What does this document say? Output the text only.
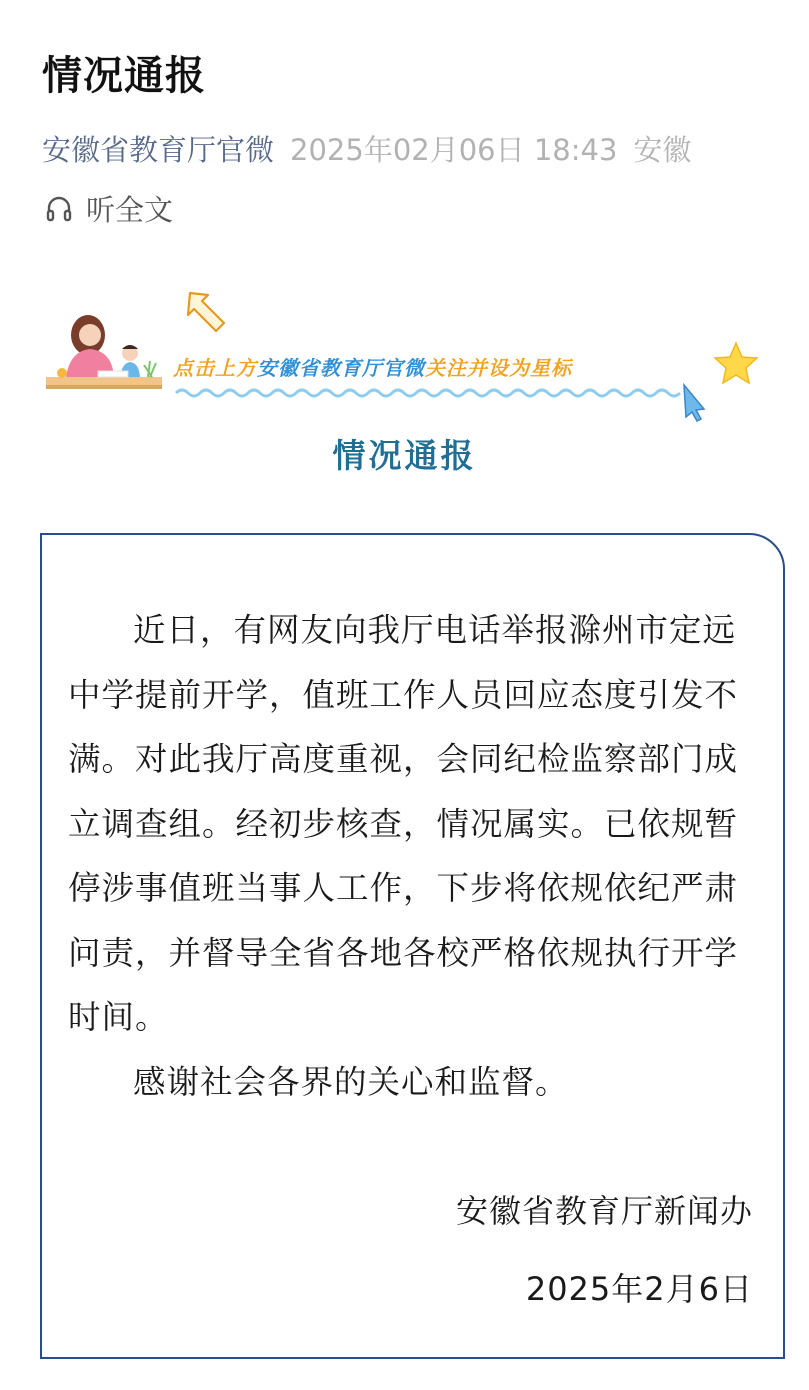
情况通报
安徽省教育厅官微 2025年02月06日 18:43 安徽
听全文
点击上方安徽省教育厅官微关注并设为星标
情况通报

近日，有网友向我厅电话举报滁州市定远中学提前开学，值班工作人员回应态度引发不满。对此我厅高度重视，会同纪检监察部门成立调查组。经初步核查，情况属实。已依规暂停涉事值班当事人工作，下步将依规依纪严肃问责，并督导全省各地各校严格依规执行开学时间。

感谢社会各界的关心和监督。

安徽省教育厅新闻办
2025年2月6日
